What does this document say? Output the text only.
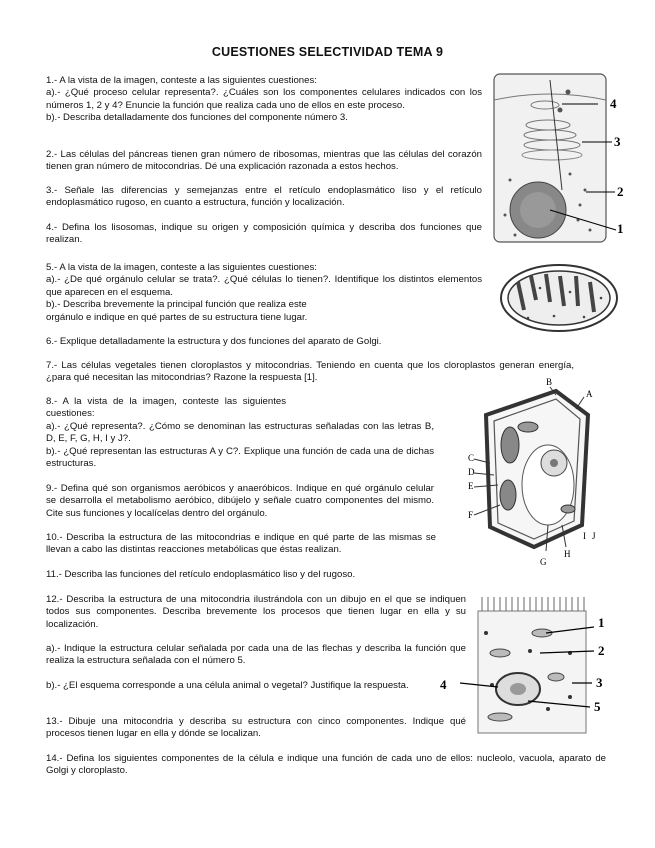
CUESTIONES SELECTIVIDAD TEMA 9

1.- A la vista de la imagen, conteste a las siguientes cuestiones:

a).- ¿Qué proceso celular representa?. ¿Cuáles son los componentes celulares indicados con los números 1, 2 y 4? Enuncie la función que realiza cada uno de ellos en este proceso.

b).- Describa detalladamente dos funciones del componente número 3.

2.- Las células del páncreas tienen gran número de ribosomas, mientras que las células del corazón tienen gran número de mitocondrias. Dé una explicación razonada a estos hechos.

3.- Señale las diferencias y semejanzas entre el retículo endoplasmático liso y el retículo endoplasmático rugoso, en cuanto a estructura, función y localización.

4.- Defina los lisosomas, indique su origen y composición química y describa dos funciones que realizan.

5.- A la vista de la imagen, conteste a las siguientes cuestiones:

a).- ¿De qué orgánulo celular se trata?. ¿Qué células lo tienen?. Identifique los distintos elementos que aparecen en el esquema.

b).- Describa brevemente la principal función que realiza este

orgánulo e indique en qué partes de su estructura tiene lugar.

6.- Explique detalladamente la estructura y dos funciones del aparato de Golgi.

7.- Las células vegetales tienen cloroplastos y mitocondrias. Teniendo en cuenta que los cloroplastos generan energía, ¿para qué necesitan las mitocondrias? Razone la respuesta [1].

8.- A la vista de la imagen, conteste las siguientes cuestiones:

a).- ¿Qué representa?. ¿Cómo se denominan las estructuras señaladas con las letras B, D, E, F, G, H, I y J?.

b).- ¿Qué representan las estructuras A y C?. Explique una función de cada una de dichas estructuras.

9.- Defina qué son organismos aeróbicos y anaeróbicos. Indique en qué orgánulo celular se desarrolla el metabolismo aeróbico, dibújelo y señale cuatro componentes del mismo. Cite sus funciones y localícelas dentro del orgánulo.

10.- Describa la estructura de las mitocondrias e indique en qué parte de las mismas se llevan a cabo las distintas reacciones metabólicas que éstas realizan.

11.- Describa las funciones del retículo endoplasmático liso y del rugoso.

12.- Describa la estructura de una mitocondria ilustrándola con un dibujo en el que se indiquen todos sus componentes. Describa brevemente los procesos que tienen lugar en ella y su localización.

a).- Indique la estructura celular señalada por cada una de las flechas y describa la función que realiza la estructura señalada con el número 5.

b).- ¿El esquema corresponde a una célula animal o vegetal? Justifique la respuesta.

13.- Dibuje una mitocondria y describa su estructura con cinco componentes. Indique qué procesos tienen lugar en ella y dónde se localizan.

14.- Defina los siguientes componentes de la célula e indique una función de cada uno de ellos: nucleolo, vacuola, aparato de Golgi y cloroplasto.

4
3
2
1
A
B
C
D
E
F
G
H
I J
1
2
3
4
5
